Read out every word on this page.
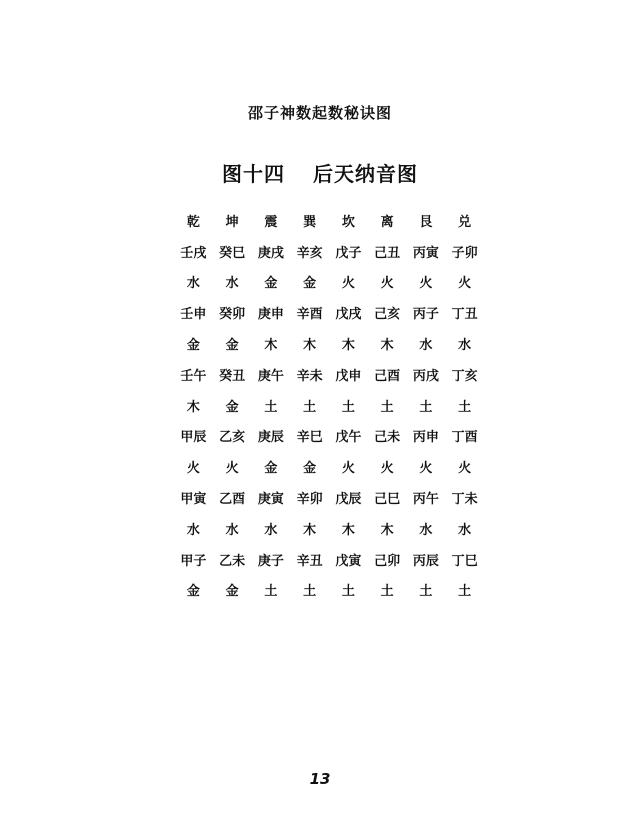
邵子神数起数秘诀图
图十四 后天纳音图
乾	坤	震	巽	坎	离	艮	兑
壬戌 癸巳 庚戌 辛亥 戊子 己丑 丙寅 子卯
水	水	金	金	火	火	火	火
壬申 癸卯 庚申 辛酉 戊戌 己亥 丙子 丁丑
金	金	木	木	木	木	水	水
壬午 癸丑 庚午 辛未 戊申 己酉 丙戌 丁亥
木	金	土	土	土	土	土	土
甲辰 乙亥 庚辰 辛巳 戊午 己未 丙申 丁酉
火	火	金	金	火	火	火	火
甲寅 乙酉 庚寅 辛卯 戊辰 己巳 丙午 丁未
水	水	水	木	木	木	水	水
甲子 乙未 庚子 辛丑 戊寅 己卯 丙辰 丁巳
金	金	土	土	土	土	土	土
13
